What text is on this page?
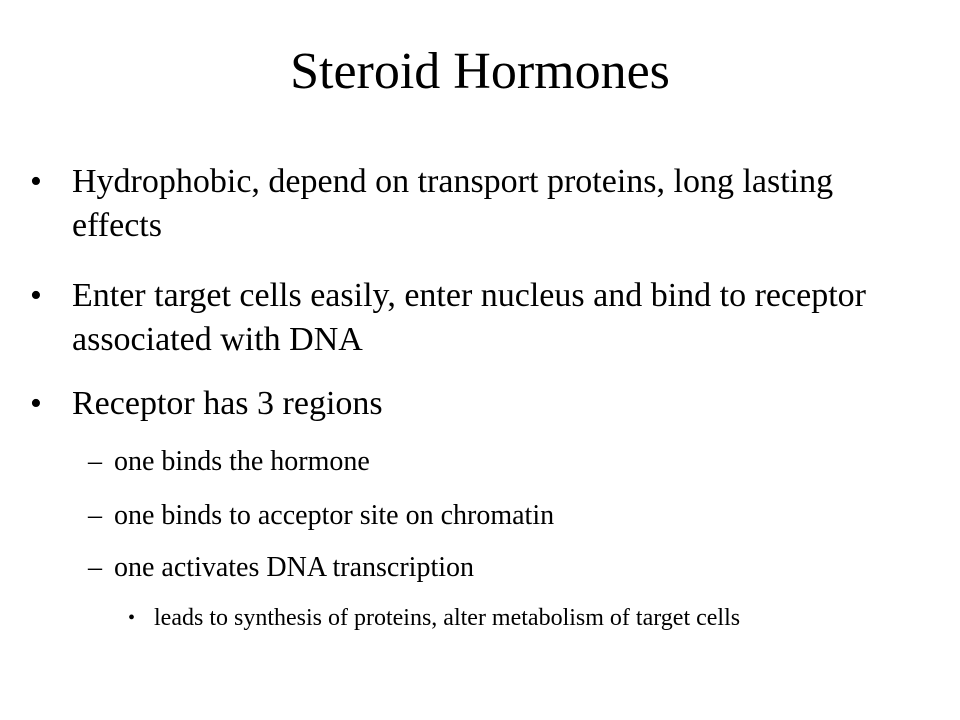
Steroid Hormones
• Hydrophobic, depend on transport proteins, long lasting effects
• Enter target cells easily, enter nucleus and bind to receptor associated with DNA
• Receptor has 3 regions
– one binds the hormone
– one binds to acceptor site on chromatin
– one activates DNA transcription
• leads to synthesis of proteins, alter metabolism of target cells
